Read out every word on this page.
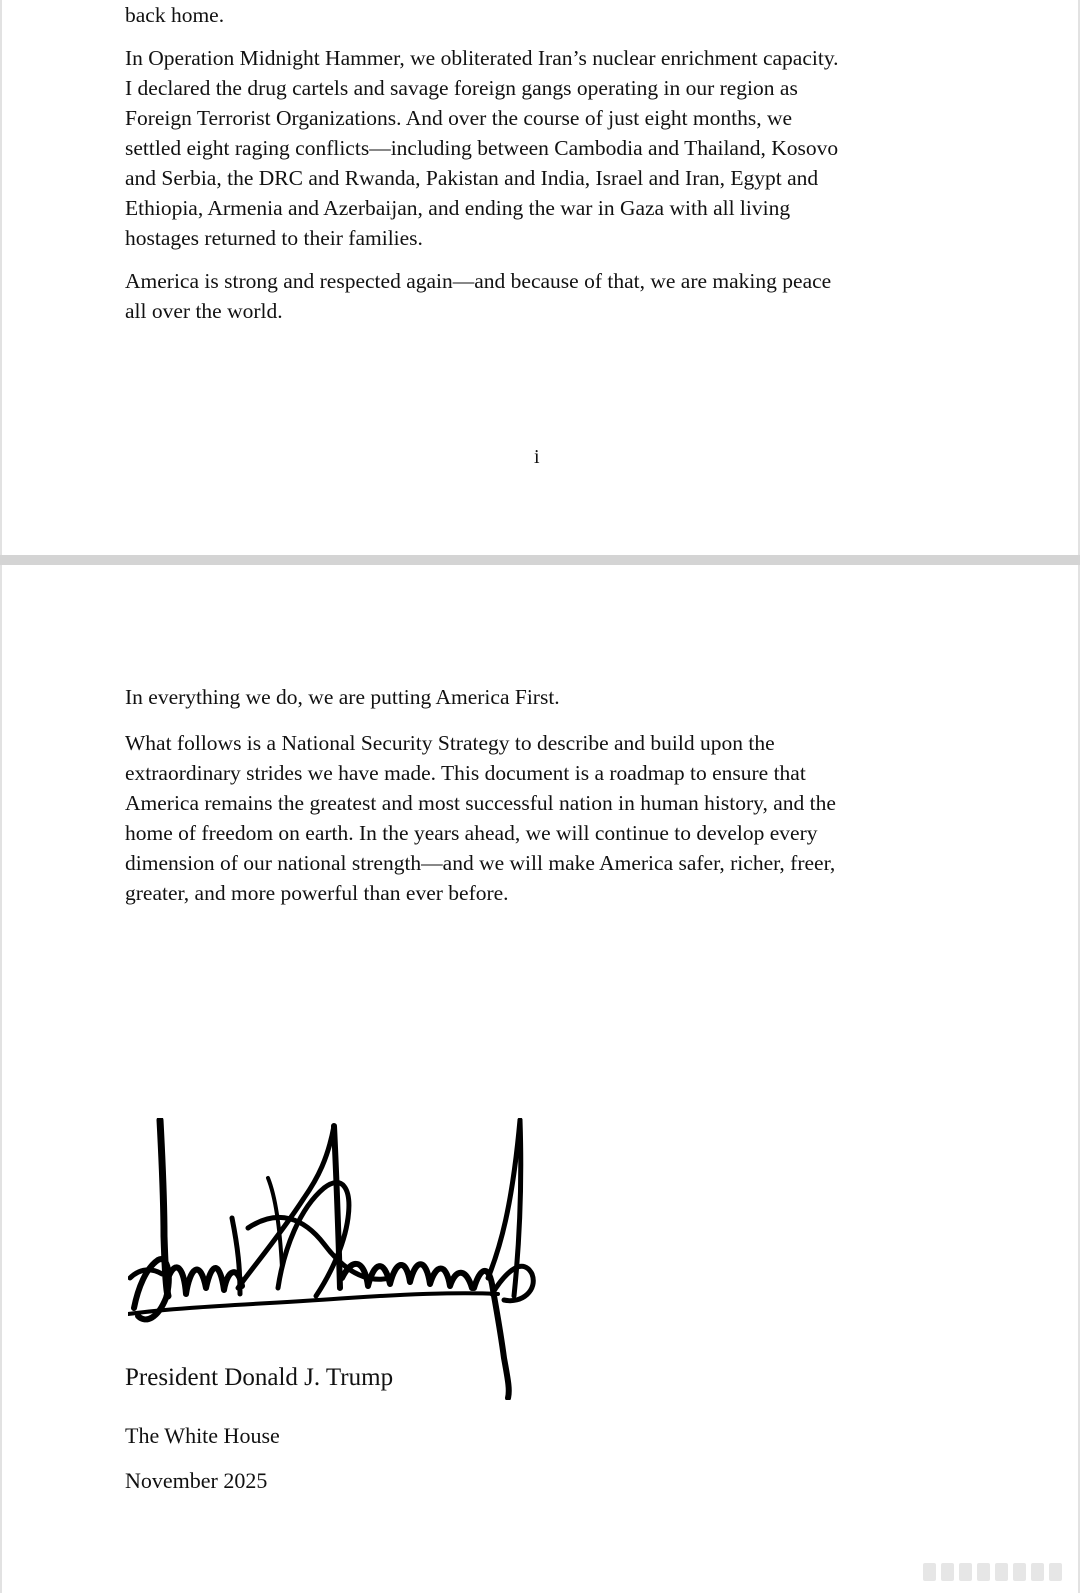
back home.

In Operation Midnight Hammer, we obliterated Iran’s nuclear enrichment capacity.
I declared the drug cartels and savage foreign gangs operating in our region as
Foreign Terrorist Organizations. And over the course of just eight months, we
settled eight raging conflicts—including between Cambodia and Thailand, Kosovo
and Serbia, the DRC and Rwanda, Pakistan and India, Israel and Iran, Egypt and
Ethiopia, Armenia and Azerbaijan, and ending the war in Gaza with all living
hostages returned to their families.

America is strong and respected again—and because of that, we are making peace
all over the world.

i

In everything we do, we are putting America First.

What follows is a National Security Strategy to describe and build upon the
extraordinary strides we have made. This document is a roadmap to ensure that
America remains the greatest and most successful nation in human history, and the
home of freedom on earth. In the years ahead, we will continue to develop every
dimension of our national strength—and we will make America safer, richer, freer,
greater, and more powerful than ever before.

President Donald J. Trump

The White House

November 2025
